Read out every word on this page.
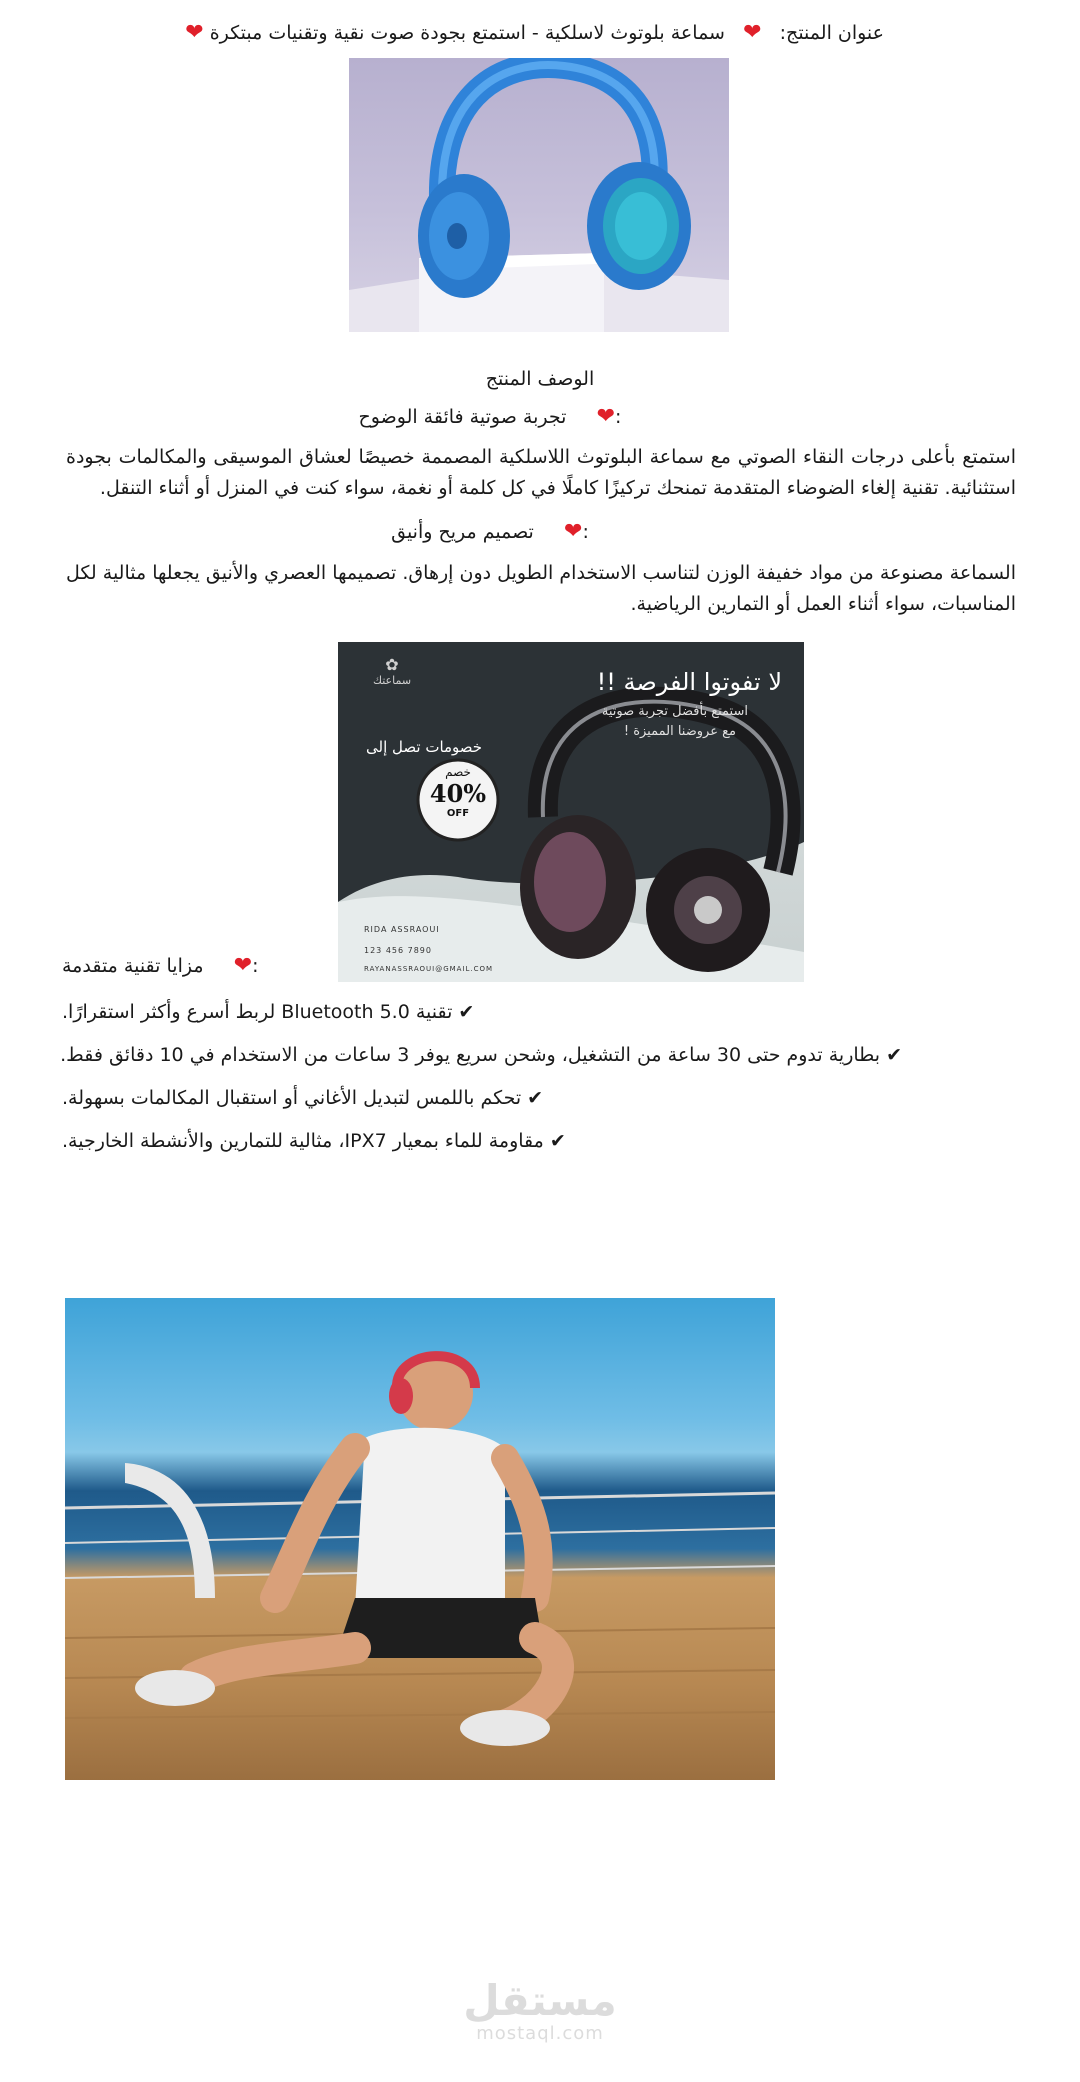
❤	عنوان المنتج:   ❤   سماعة بلوتوث لاسلكية - استمتع بجودة صوت نقية وتقنيات مبتكرة
الوصف المنتج
تجربة صوتية فائقة الوضوح ❤:
استمتع بأعلى درجات النقاء الصوتي مع سماعة البلوتوث اللاسلكية المصممة خصيصًا لعشاق الموسيقى والمكالمات بجودة استثنائية. تقنية إلغاء الضوضاء المتقدمة تمنحك تركيزًا كاملًا في كل كلمة أو نغمة، سواء كنت في المنزل أو أثناء التنقل.
تصميم مريح وأنيق ❤:
السماعة مصنوعة من مواد خفيفة الوزن لتناسب الاستخدام الطويل دون إرهاق. تصميمها العصري والأنيق يجعلها مثالية لكل المناسبات، سواء أثناء العمل أو التمارين الرياضية.
لا تفوتوا الفرصة !!
استمتع بأفضل تجربة صوتية
مع عروضنا المميزة !
✿
سماعتك
خصومات تصل إلى
خصم
40%
OFF
RIDA ASSRAOUI
123 456 7890
RAYANASSRAOUI@GMAIL.COM
مزايا تقنية متقدمة ❤:
✔ تقنية Bluetooth 5.0 لربط أسرع وأكثر استقرارًا.
✔ بطارية تدوم حتى 30 ساعة من التشغيل، وشحن سريع يوفر 3 ساعات من الاستخدام في 10 دقائق فقط.
✔ تحكم باللمس لتبديل الأغاني أو استقبال المكالمات بسهولة.
✔ مقاومة للماء بمعيار IPX7، مثالية للتمارين والأنشطة الخارجية.
مستقل
mostaql.com
